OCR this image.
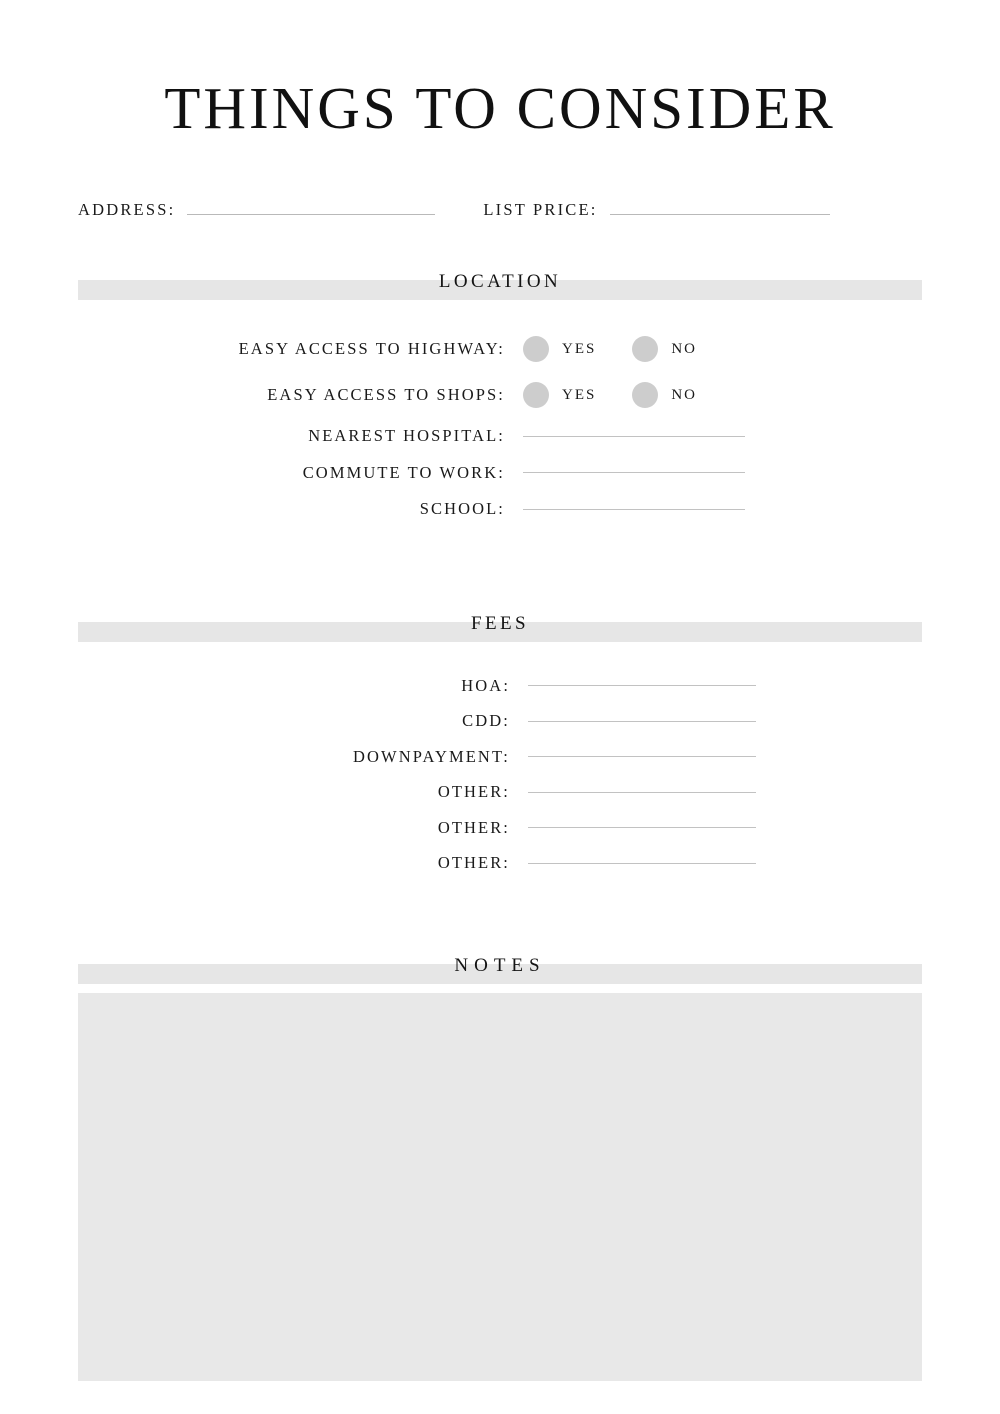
THINGS TO CONSIDER
ADDRESS:	LIST PRICE:
LOCATION
EASY ACCESS TO HIGHWAY:	YES	NO
EASY ACCESS TO SHOPS:	YES	NO
NEAREST HOSPITAL:
COMMUTE TO WORK:
SCHOOL:
FEES
HOA:
CDD:
DOWNPAYMENT:
OTHER:
OTHER:
OTHER:
NOTES
